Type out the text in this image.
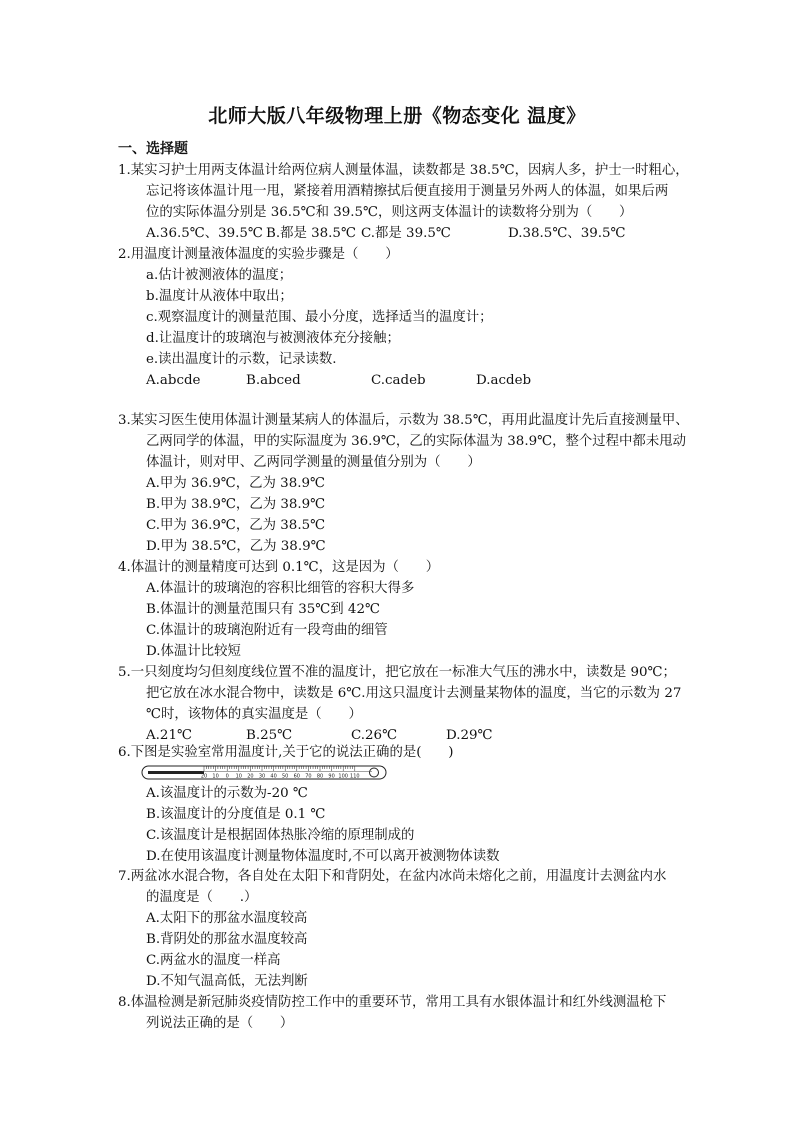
北师大版八年级物理上册《物态变化 温度》
一、选择题
1.某实习护士用两支体温计给两位病人测量体温，读数都是 38.5℃，因病人多，护士一时粗心，
忘记将该体温计甩一甩，紧接着用酒精擦拭后便直接用于测量另外两人的体温，如果后两
位的实际体温分别是 36.5℃和 39.5℃，则这两支体温计的读数将分别为（　　）
A.36.5℃、39.5℃ B.都是 38.5℃ C.都是 39.5℃	D.38.5℃、39.5℃
2.用温度计测量液体温度的实验步骤是（　　）
a.估计被测液体的温度；
b.温度计从液体中取出；
c.观察温度计的测量范围、最小分度，选择适当的温度计；
d.让温度计的玻璃泡与被测液体充分接触；
e.读出温度计的示数，记录读数.
A.abcde	B.abced	C.cadeb	D.acdeb
3.某实习医生使用体温计测量某病人的体温后，示数为 38.5℃，再用此温度计先后直接测量甲、
乙两同学的体温，甲的实际温度为 36.9℃，乙的实际体温为 38.9℃，整个过程中都未甩动
体温计，则对甲、乙两同学测量的测量值分别为（　　）
A.甲为 36.9℃，乙为 38.9℃
B.甲为 38.9℃，乙为 38.9℃
C.甲为 36.9℃，乙为 38.5℃
D.甲为 38.5℃，乙为 38.9℃
4.体温计的测量精度可达到 0.1℃，这是因为（　　）
A.体温计的玻璃泡的容积比细管的容积大得多
B.体温计的测量范围只有 35℃到 42℃
C.体温计的玻璃泡附近有一段弯曲的细管
D.体温计比较短
5.一只刻度均匀但刻度线位置不准的温度计，把它放在一标准大气压的沸水中，读数是 90℃；
把它放在冰水混合物中，读数是 6℃.用这只温度计去测量某物体的温度，当它的示数为 27
℃时，该物体的真实温度是（　　）
A.21℃	B.25℃	C.26℃	D.29℃
6.下图是实验室常用温度计,关于它的说法正确的是(　　)
20 10 0 10 20 30 40 50 60 70 80 90 100 110
A.该温度计的示数为-20 ℃
B.该温度计的分度值是 0.1 ℃
C.该温度计是根据固体热胀冷缩的原理制成的
D.在使用该温度计测量物体温度时,不可以离开被测物体读数
7.两盆冰水混合物，各自处在太阳下和背阴处，在盆内冰尚未熔化之前，用温度计去测盆内水
的温度是（　　.）
A.太阳下的那盆水温度较高
B.背阴处的那盆水温度较高
C.两盆水的温度一样高
D.不知气温高低，无法判断
8.体温检测是新冠肺炎疫情防控工作中的重要环节，常用工具有水银体温计和红外线测温枪下
列说法正确的是（　　）
